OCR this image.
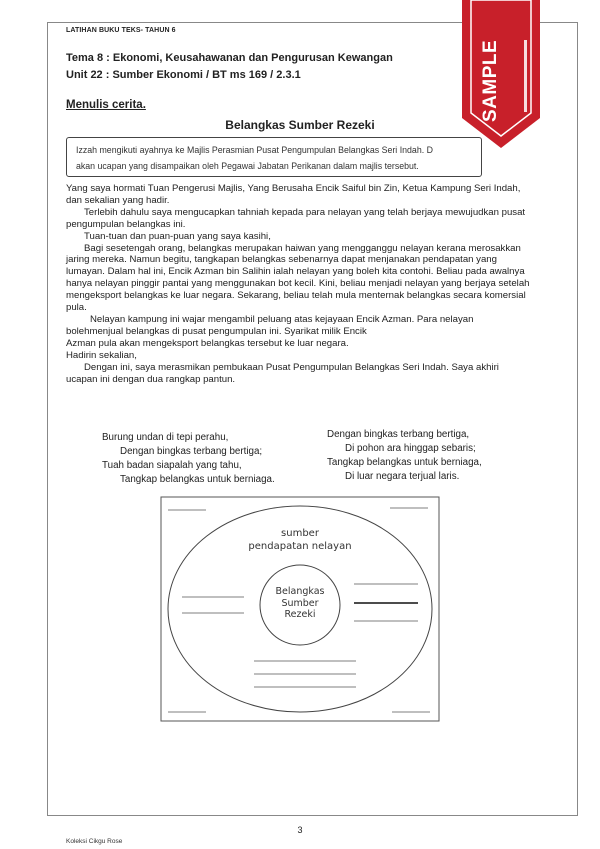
LATIHAN BUKU TEKS- TAHUN 6
Tema 8 : Ekonomi, Keusahawanan dan Pengurusan Kewangan
Unit 22 : Sumber Ekonomi / BT ms 169 / 2.3.1
Menulis cerita.
Belangkas Sumber Rezeki
Izzah mengikuti ayahnya ke Majlis Perasmian Pusat Pengumpulan Belangkas Seri Indah. D
akan ucapan yang disampaikan oleh Pegawai Jabatan Perikanan dalam majlis tersebut.

Yang saya hormati Tuan Pengerusi Majlis, Yang Berusaha Encik Saiful bin Zin, Ketua Kampung Seri Indah, dan sekalian yang hadir.

Terlebih dahulu saya mengucapkan tahniah kepada para nelayan yang telah berjaya mewujudkan pusat pengumpulan belangkas ini.

Tuan-tuan dan puan-puan yang saya kasihi,

Bagi sesetengah orang, belangkas merupakan haiwan yang mengganggu nelayan kerana merosakkan jaring mereka. Namun begitu, tangkapan belangkas sebenarnya dapat menjanakan pendapatan yang lumayan. Dalam hal ini, Encik Azman bin Salihin ialah nelayan yang boleh kita contohi. Beliau pada awalnya hanya nelayan pinggir pantai yang menggunakan bot kecil. Kini, beliau menjadi nelayan yang berjaya setelah mengeksport belangkas ke luar negara. Sekarang, beliau telah mula menternak belangkas secara komersial pula.

Nelayan kampung ini wajar mengambil peluang atas kejayaan Encik Azman. Para nelayan bolehmenjual belangkas di pusat pengumpulan ini. Syarikat milik Encik

Azman pula akan mengeksport belangkas tersebut ke luar negara.

Hadirin sekalian,

Dengan ini, saya merasmikan pembukaan Pusat Pengumpulan Belangkas Seri Indah. Saya akhiri ucapan ini dengan dua rangkap pantun.

Burung undan di tepi perahu,
Dengan bingkas terbang bertiga;
Tuah badan siapalah yang tahu,
Tangkap belangkas untuk berniaga.
Dengan bingkas terbang bertiga,
Di pohon ara hinggap sebaris;
Tangkap belangkas untuk berniaga,
Di luar negara terjual laris.
sumber
pendapatan nelayan
Belangkas
Sumber
Rezeki
SAMPLE
3
Koleksi Cikgu Rose
